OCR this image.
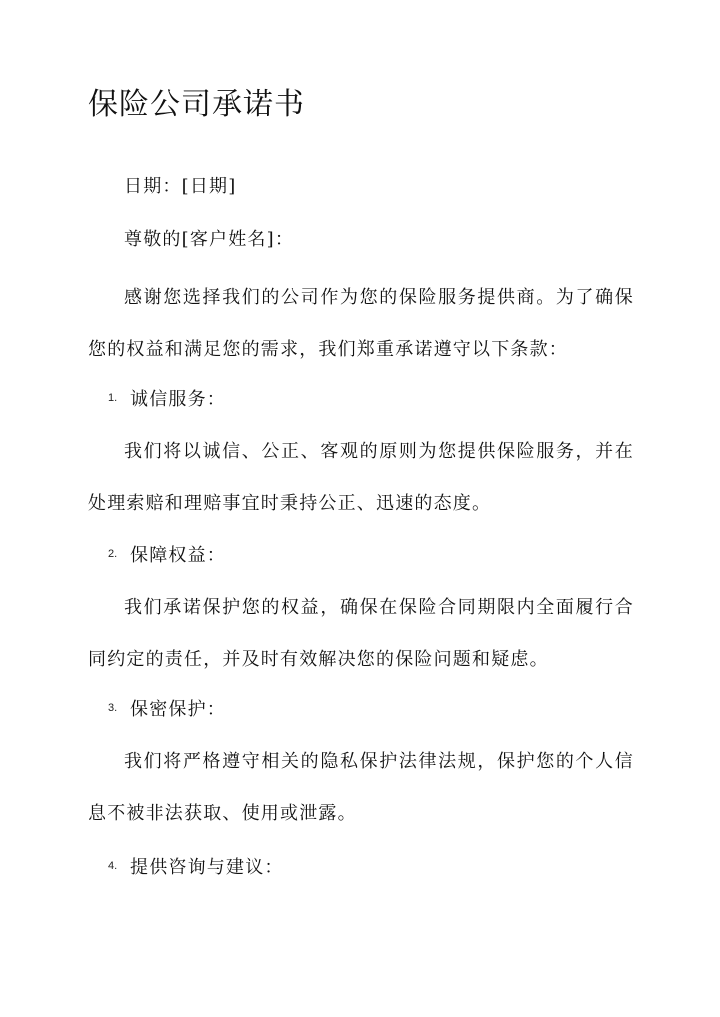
保险公司承诺书

日期：[日期]

尊敬的[客户姓名]：

感谢您选择我们的公司作为您的保险服务提供商。为了确保您的权益和满足您的需求，我们郑重承诺遵守以下条款：

1. 诚信服务：

我们将以诚信、公正、客观的原则为您提供保险服务，并在处理索赔和理赔事宜时秉持公正、迅速的态度。

2. 保障权益：

我们承诺保护您的权益，确保在保险合同期限内全面履行合同约定的责任，并及时有效解决您的保险问题和疑虑。

3. 保密保护：

我们将严格遵守相关的隐私保护法律法规，保护您的个人信息不被非法获取、使用或泄露。

4. 提供咨询与建议：
